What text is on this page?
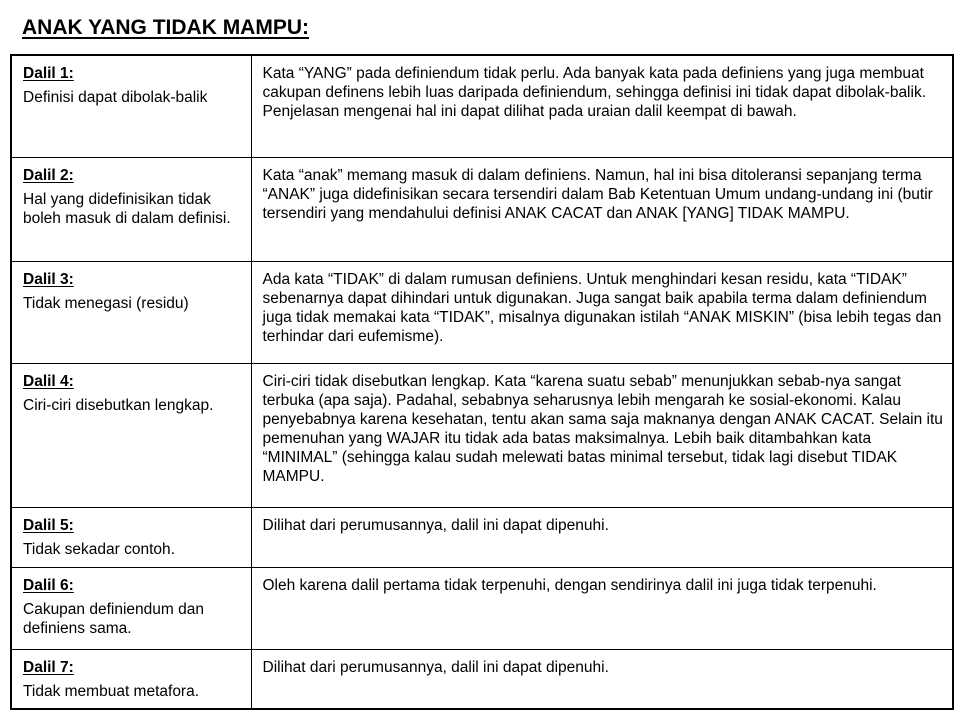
ANAK YANG TIDAK MAMPU:
Dalil 1:
Definisi dapat dibolak-balik	Kata “YANG” pada definiendum tidak perlu. Ada banyak kata pada definiens yang juga membuat cakupan definens lebih luas daripada definiendum, sehingga definisi ini tidak dapat dibolak-balik. Penjelasan mengenai hal ini dapat dilihat pada uraian dalil keempat di bawah.

Dalil 2:
Hal yang didefinisikan tidak boleh masuk di dalam definisi.	Kata “anak” memang masuk di dalam definiens. Namun, hal ini bisa ditoleransi sepanjang terma “ANAK” juga didefinisikan secara tersendiri dalam Bab Ketentuan Umum undang-undang ini (butir tersendiri yang mendahului definisi ANAK CACAT dan ANAK [YANG] TIDAK MAMPU.

Dalil 3:
Tidak menegasi (residu)	Ada kata “TIDAK” di dalam rumusan definiens. Untuk menghindari kesan residu, kata “TIDAK” sebenarnya dapat dihindari untuk digunakan. Juga sangat baik apabila terma dalam definiendum juga tidak memakai kata “TIDAK”, misalnya digunakan istilah “ANAK MISKIN” (bisa lebih tegas dan terhindar dari eufemisme).

Dalil 4:
Ciri-ciri disebutkan lengkap.	Ciri-ciri tidak disebutkan lengkap. Kata “karena suatu sebab” menunjukkan sebab-nya sangat terbuka (apa saja). Padahal, sebabnya seharusnya lebih mengarah ke sosial-ekonomi. Kalau penyebabnya karena kesehatan, tentu akan sama saja maknanya dengan ANAK CACAT. Selain itu pemenuhan yang WAJAR itu tidak ada batas maksimalnya. Lebih baik ditambahkan kata “MINIMAL” (sehingga kalau sudah melewati batas minimal tersebut, tidak lagi disebut TIDAK MAMPU.

Dalil 5:
Tidak sekadar contoh.	Dilihat dari perumusannya, dalil ini dapat dipenuhi.

Dalil 6:
Cakupan definiendum dan definiens sama.	Oleh karena dalil pertama tidak terpenuhi, dengan sendirinya dalil ini juga tidak terpenuhi.

Dalil 7:
Tidak membuat metafora.	Dilihat dari perumusannya, dalil ini dapat dipenuhi.
